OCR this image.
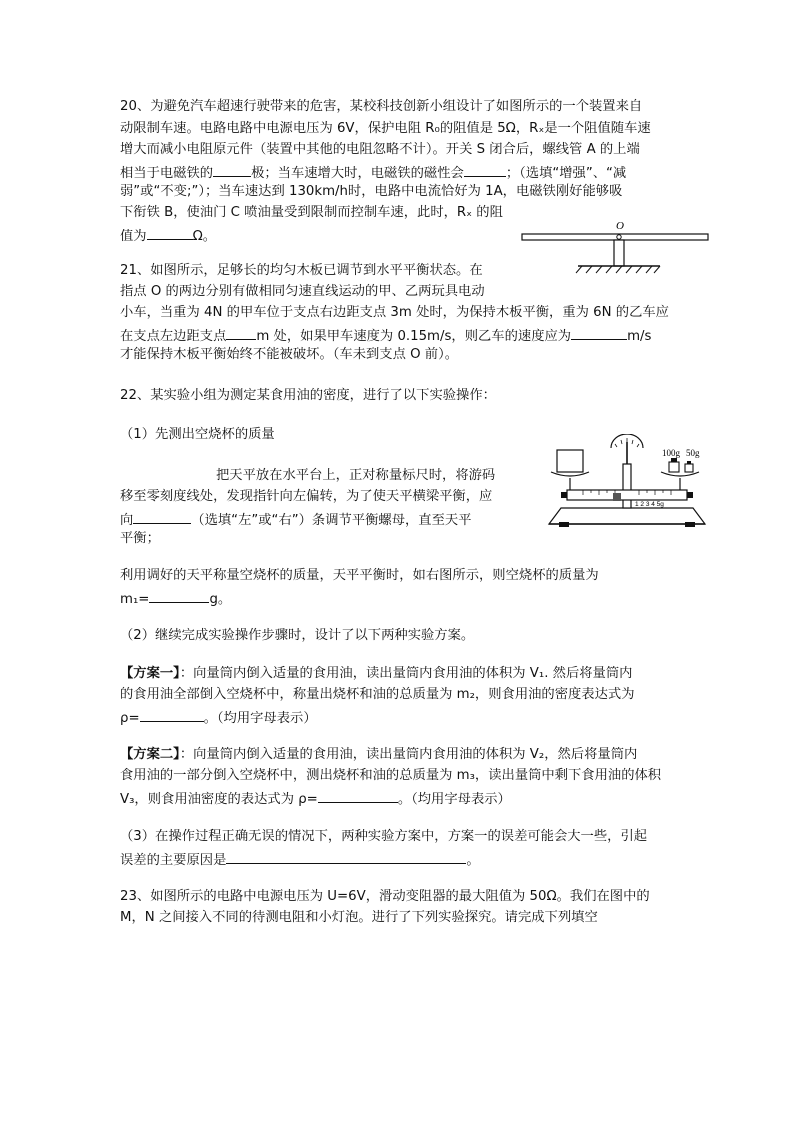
20、为避免汽车超速行驶带来的危害，某校科技创新小组设计了如图所示的一个装置来自
动限制车速。电路电路中电源电压为 6V，保护电阻 R₀的阻值是 5Ω，Rₓ是一个阻值随车速
增大而减小电阻原元件（装置中其他的电阻忽略不计）。开关 S 闭合后，螺线管 A 的上端
相当于电磁铁的	极；当车速增大时，电磁铁的磁性会	；（选填“增强”、“减
弱”或“不变;”）；当车速达到 130km/h时，电路中电流恰好为 1A，电磁铁刚好能够吸
下衔铁 B，使油门 C 喷油量受到限制而控制车速，此时，Rₓ 的阻
值为	Ω。
O
21、如图所示，足够长的均匀木板已调节到水平平衡状态。在
指点 O 的两边分别有做相同匀速直线运动的甲、乙两玩具电动
小车，当重为 4N 的甲车位于支点右边距支点 3m 处时，为保持木板平衡，重为 6N 的乙车应
在支点左边距支点 m 处，如果甲车速度为 0.15m/s，则乙车的速度应为	m/s
才能保持木板平衡始终不能被破坏。（车未到支点 O 前）。
22、某实验小组为测定某食用油的密度，进行了以下实验操作：
（1）先测出空烧杯的质量
把天平放在水平台上，正对称量标尺时，将游码
移至零刻度线处，发现指针向左偏转，为了使天平横梁平衡，应
向	（选填“左”或“右”）条调节平衡螺母，直至天平
平衡；
100g 50g
1 2 3 4 5g
利用调好的天平称量空烧杯的质量，天平平衡时，如右图所示，则空烧杯的质量为
m₁=	g。
（2）继续完成实验操作步骤时，设计了以下两种实验方案。
【方案一】：向量筒内倒入适量的食用油，读出量筒内食用油的体积为 V₁. 然后将量筒内
的食用油全部倒入空烧杯中，称量出烧杯和油的总质量为 m₂，则食用油的密度表达式为
ρ=	。（均用字母表示）
【方案二】：向量筒内倒入适量的食用油，读出量筒内食用油的体积为 V₂，然后将量筒内
食用油的一部分倒入空烧杯中，测出烧杯和油的总质量为 m₃，读出量筒中剩下食用油的体积
V₃，则食用油密度的表达式为 ρ=	。（均用字母表示）
（3）在操作过程正确无误的情况下，两种实验方案中，方案一的误差可能会大一些，引起
误差的主要原因是	。
23、如图所示的电路中电源电压为 U=6V，滑动变阻器的最大阻值为 50Ω。我们在图中的
M，N 之间接入不同的待测电阻和小灯泡。进行了下列实验探究。请完成下列填空
